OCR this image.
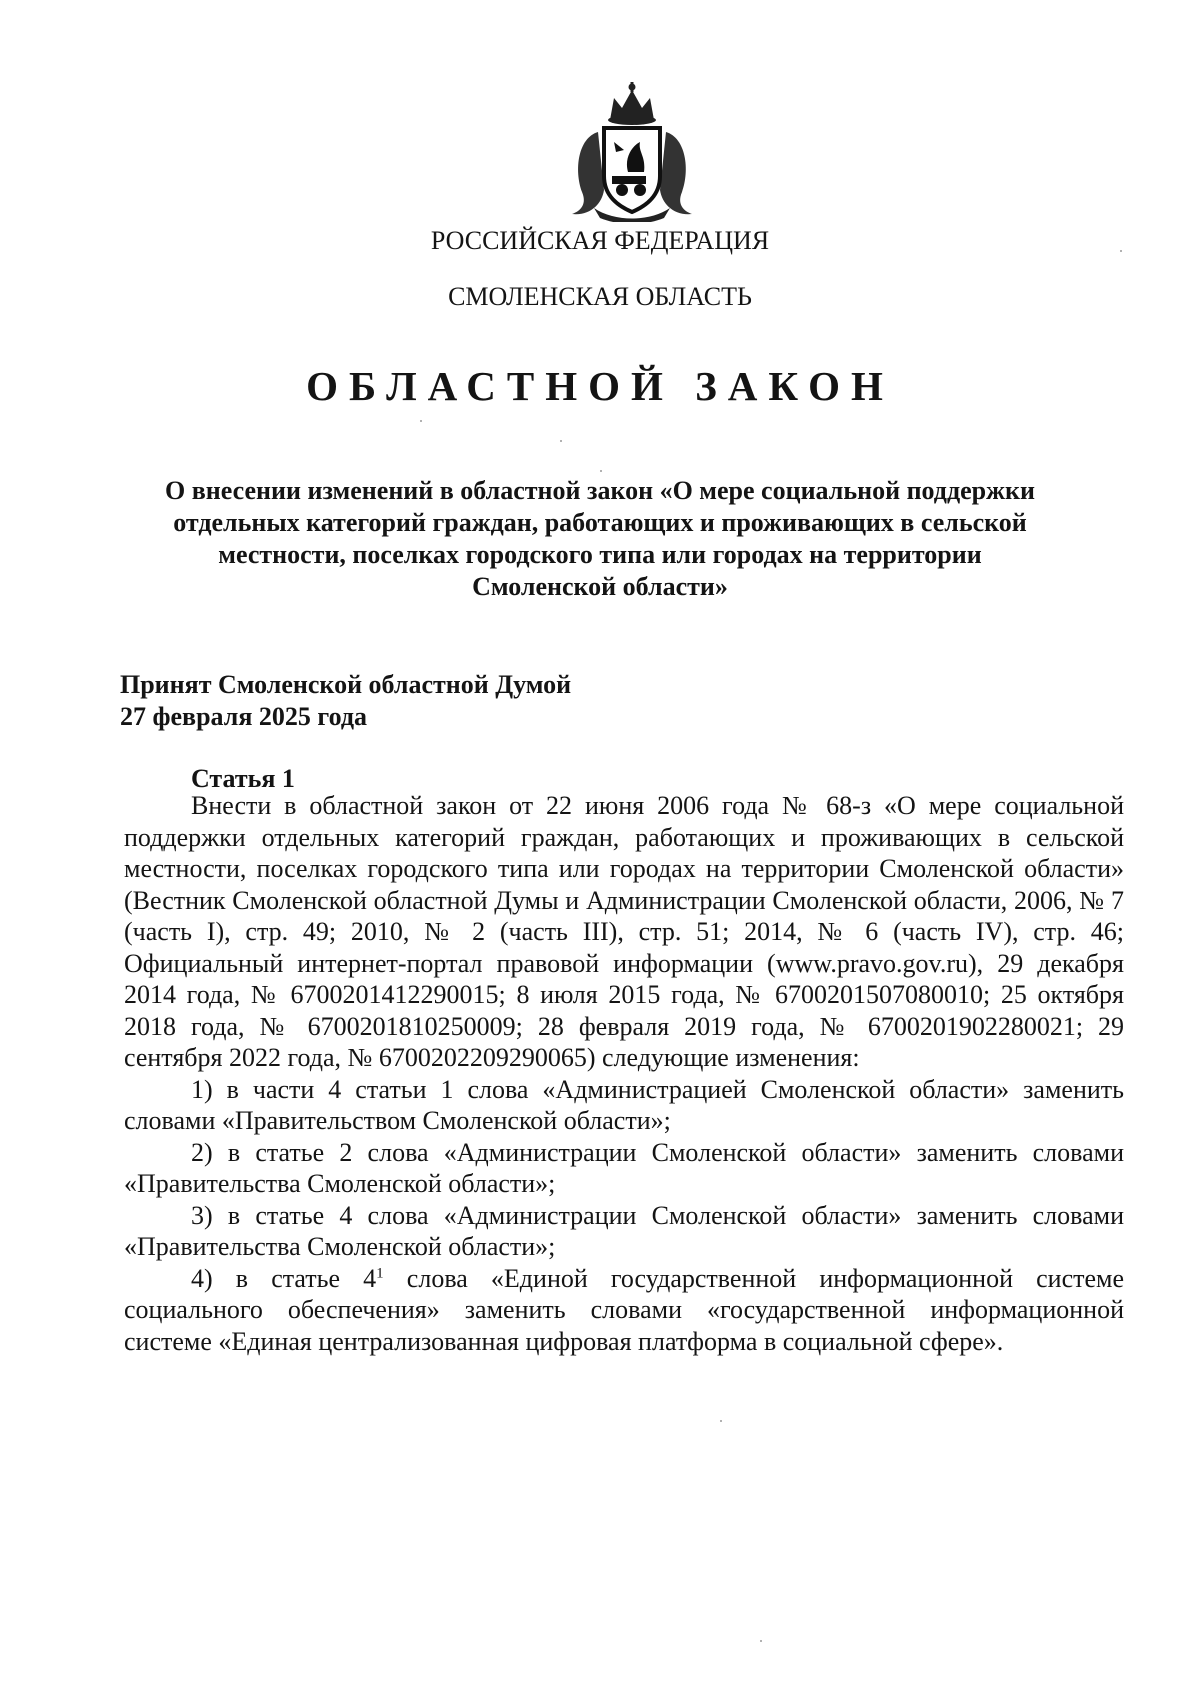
РОССИЙСКАЯ ФЕДЕРАЦИЯ
СМОЛЕНСКАЯ ОБЛАСТЬ
ОБЛАСТНОЙ ЗАКОН
О внесении изменений в областной закон «О мере социальной поддержки
отдельных категорий граждан, работающих и проживающих в сельской
местности, поселках городского типа или городах на территории
Смоленской области»
Принят Смоленской областной Думой
27 февраля 2025 года
Статья 1

Внести в областной закон от 22 июня 2006 года № 68-з «О мере социальной поддержки отдельных категорий граждан, работающих и проживающих в сельской местности, поселках городского типа или городах на территории Смоленской области» (Вестник Смоленской областной Думы и Администрации Смоленской области, 2006, № 7 (часть I), стр. 49; 2010, № 2 (часть III), стр. 51; 2014, № 6 (часть IV), стр. 46; Официальный интернет-портал правовой информации (www.pravo.gov.ru), 29 декабря 2014 года, № 6700201412290015; 8 июля 2015 года, № 6700201507080010; 25 октября 2018 года, № 6700201810250009; 28 февраля 2019 года, № 6700201902280021; 29 сентября 2022 года, № 6700202209290065) следующие изменения:

1) в части 4 статьи 1 слова «Администрацией Смоленской области» заменить словами «Правительством Смоленской области»;

2) в статье 2 слова «Администрации Смоленской области» заменить словами «Правительства Смоленской области»;

3) в статье 4 слова «Администрации Смоленской области» заменить словами «Правительства Смоленской области»;

4) в статье $4^1$ слова «Единой государственной информационной системе социального обеспечения» заменить словами «государственной информационной системе «Единая централизованная цифровая платформа в социальной сфере».
